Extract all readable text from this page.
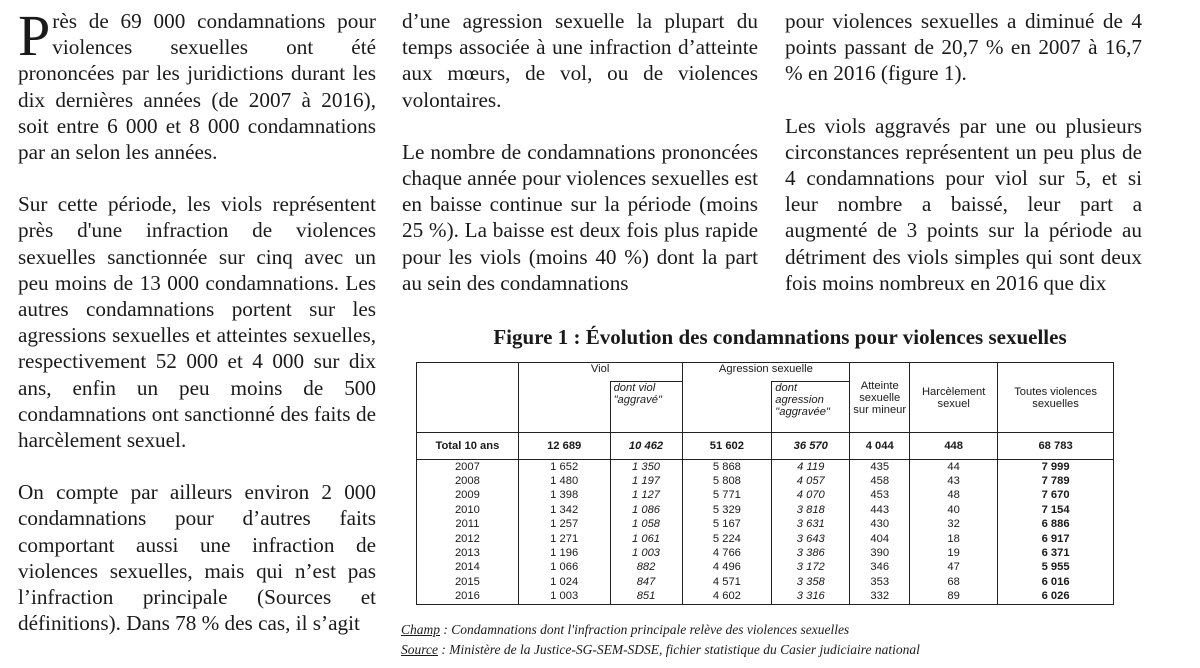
Près de 69 000 condamnations pour violences sexuelles ont été prononcées par les juridictions durant les dix dernières années (de 2007 à 2016), soit entre 6 000 et 8 000 condamnations par an selon les années.

Sur cette période, les viols représentent près d'une infraction de violences sexuelles sanctionnée sur cinq avec un peu moins de 13 000 condamnations. Les autres condamnations portent sur les agressions sexuelles et atteintes sexuelles, respectivement 52 000 et 4 000 sur dix ans, enfin un peu moins de 500 condamnations ont sanctionné des faits de harcèlement sexuel.

On compte par ailleurs environ 2 000 condamnations pour d’autres faits comportant aussi une infraction de violences sexuelles, mais qui n’est pas l’infraction principale (Sources et définitions). Dans 78 % des cas, il s’agit

d’une agression sexuelle la plupart du temps associée à une infraction d’atteinte aux mœurs, de vol, ou de violences volontaires.

Le nombre de condamnations prononcées chaque année pour violences sexuelles est en baisse continue sur la période (moins 25 %). La baisse est deux fois plus rapide pour les viols (moins 40 %) dont la part au sein des condamnations

pour violences sexuelles a diminué de 4 points passant de 20,7 % en 2007 à 16,7 % en 2016 (figure 1).

Les viols aggravés par une ou plusieurs circonstances représentent un peu plus de 4 condamnations pour viol sur 5, et si leur nombre a baissé, leur part a augmenté de 3 points sur la période au détriment des viols simples qui sont deux fois moins nombreux en 2016 que dix

Figure 1 : Évolution des condamnations pour violences sexuelles
	Viol		Agression sexuelle		Atteinte sexuelle sur mineur	Harcèlement sexuel	Toutes violences sexuelles
		dont viol "aggravé"		dont agression "aggravée"			
Total 10 ans	12 689	10 462	51 602	36 570	4 044	448	68 783
2007	1 652	1 350	5 868	4 119	435	44	7 999
2008	1 480	1 197	5 808	4 057	458	43	7 789
2009	1 398	1 127	5 771	4 070	453	48	7 670
2010	1 342	1 086	5 329	3 818	443	40	7 154
2011	1 257	1 058	5 167	3 631	430	32	6 886
2012	1 271	1 061	5 224	3 643	404	18	6 917
2013	1 196	1 003	4 766	3 386	390	19	6 371
2014	1 066	882	4 496	3 172	346	47	5 955
2015	1 024	847	4 571	3 358	353	68	6 016
2016	1 003	851	4 602	3 316	332	89	6 026
Champ : Condamnations dont l'infraction principale relève des violences sexuelles
Source : Ministère de la Justice-SG-SEM-SDSE, fichier statistique du Casier judiciaire national
